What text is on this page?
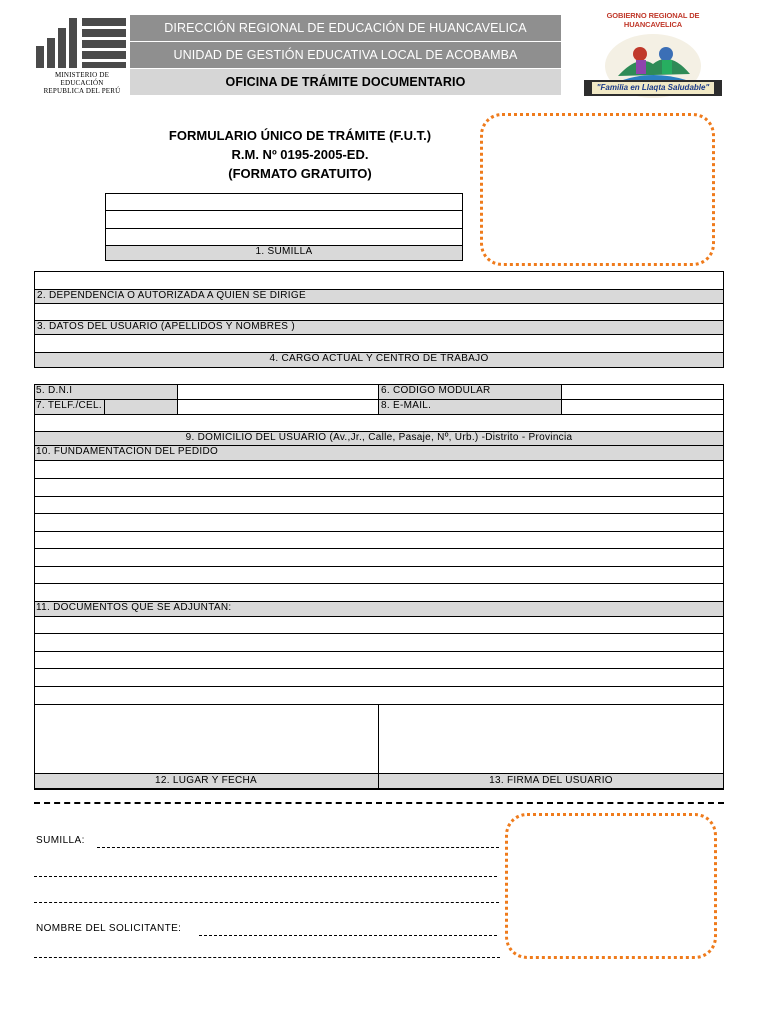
MINISTERIO DE EDUCACIÓN
REPUBLICA DEL PERÚ
DIRECCIÓN REGIONAL DE EDUCACIÓN DE HUANCAVELICA
UNIDAD DE GESTIÓN EDUCATIVA LOCAL DE ACOBAMBA
OFICINA DE TRÁMITE DOCUMENTARIO
GOBIERNO REGIONAL DE HUANCAVELICA
"Familia en Llaqta Saludable"
FORMULARIO ÚNICO DE TRÁMITE (F.U.T.)
R.M. Nº 0195-2005-ED.
(FORMATO GRATUITO)
1. SUMILLA
2. DEPENDENCIA O AUTORIZADA A QUIEN SE DIRIGE
3. DATOS DEL USUARIO (APELLIDOS Y NOMBRES )
4. CARGO ACTUAL Y CENTRO DE TRABAJO
5. D.N.I	6. CODIGO MODULAR
7. TELF./CEL.	8. E-MAIL.
9. DOMICILIO DEL USUARIO (Av.,Jr., Calle, Pasaje, Nº, Urb.) -Distrito - Provincia
10. FUNDAMENTACION DEL PEDIDO
11. DOCUMENTOS QUE SE ADJUNTAN:
12. LUGAR Y FECHA	13. FIRMA DEL USUARIO
SUMILLA:
NOMBRE DEL SOLICITANTE:
